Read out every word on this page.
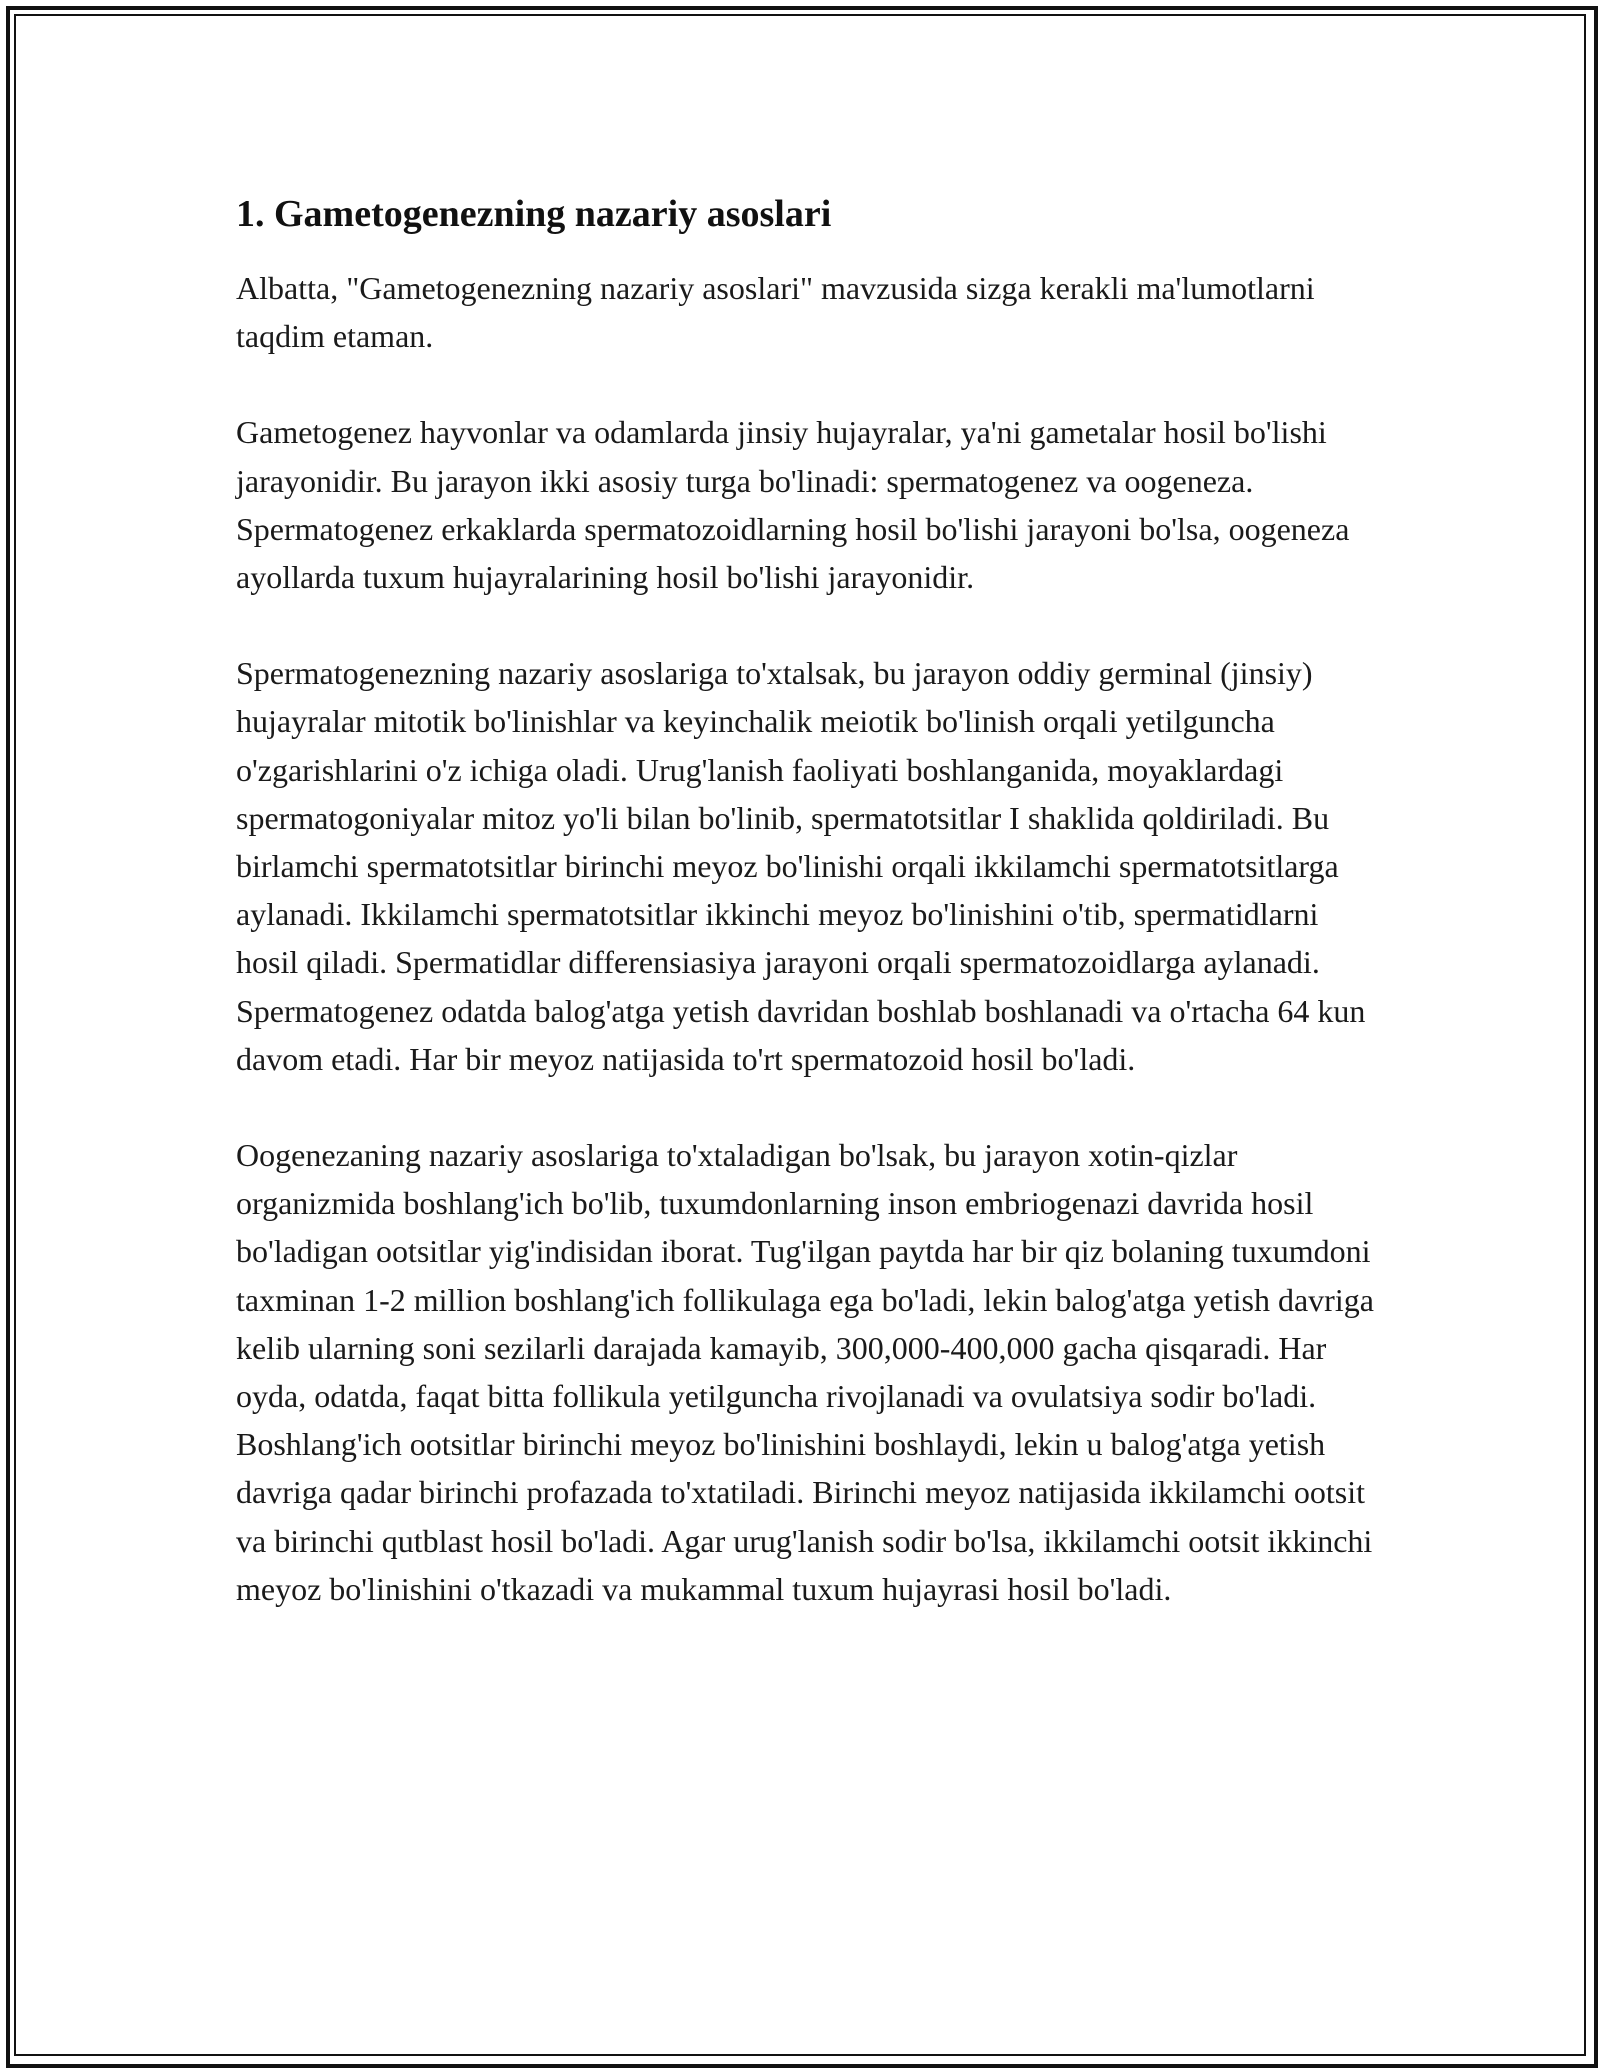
1. Gametogenezning nazariy asoslari

Albatta, "Gametogenezning nazariy asoslari" mavzusida sizga kerakli ma'lumotlarni taqdim etaman.

Gametogenez hayvonlar va odamlarda jinsiy hujayralar, ya'ni gametalar hosil bo'lishi jarayonidir. Bu jarayon ikki asosiy turga bo'linadi: spermatogenez va oogeneza. Spermatogenez erkaklarda spermatozoidlarning hosil bo'lishi jarayoni bo'lsa, oogeneza ayollarda tuxum hujayralarining hosil bo'lishi jarayonidir.

Spermatogenezning nazariy asoslariga to'xtalsak, bu jarayon oddiy germinal (jinsiy) hujayralar mitotik bo'linishlar va keyinchalik meiotik bo'linish orqali yetilguncha o'zgarishlarini o'z ichiga oladi. Urug'lanish faoliyati boshlanganida, moyaklardagi spermatogoniyalar mitoz yo'li bilan bo'linib, spermatotsitlar I shaklida qoldiriladi. Bu birlamchi spermatotsitlar birinchi meyoz bo'linishi orqali ikkilamchi spermatotsitlarga aylanadi. Ikkilamchi spermatotsitlar ikkinchi meyoz bo'linishini o'tib, spermatidlarni hosil qiladi. Spermatidlar differensiasiya jarayoni orqali spermatozoidlarga aylanadi. Spermatogenez odatda balog'atga yetish davridan boshlab boshlanadi va o'rtacha 64 kun davom etadi. Har bir meyoz natijasida to'rt spermatozoid hosil bo'ladi.

Oogenezaning nazariy asoslariga to'xtaladigan bo'lsak, bu jarayon xotin-qizlar organizmida boshlang'ich bo'lib, tuxumdonlarning inson embriogenazi davrida hosil bo'ladigan ootsitlar yig'indisidan iborat. Tug'ilgan paytda har bir qiz bolaning tuxumdoni taxminan 1-2 million boshlang'ich follikulaga ega bo'ladi, lekin balog'atga yetish davriga kelib ularning soni sezilarli darajada kamayib, 300,000-400,000 gacha qisqaradi. Har oyda, odatda, faqat bitta follikula yetilguncha rivojlanadi va ovulatsiya sodir bo'ladi. Boshlang'ich ootsitlar birinchi meyoz bo'linishini boshlaydi, lekin u balog'atga yetish davriga qadar birinchi profazada to'xtatiladi. Birinchi meyoz natijasida ikkilamchi ootsit va birinchi qutblast hosil bo'ladi. Agar urug'lanish sodir bo'lsa, ikkilamchi ootsit ikkinchi meyoz bo'linishini o'tkazadi va mukammal tuxum hujayrasi hosil bo'ladi.
